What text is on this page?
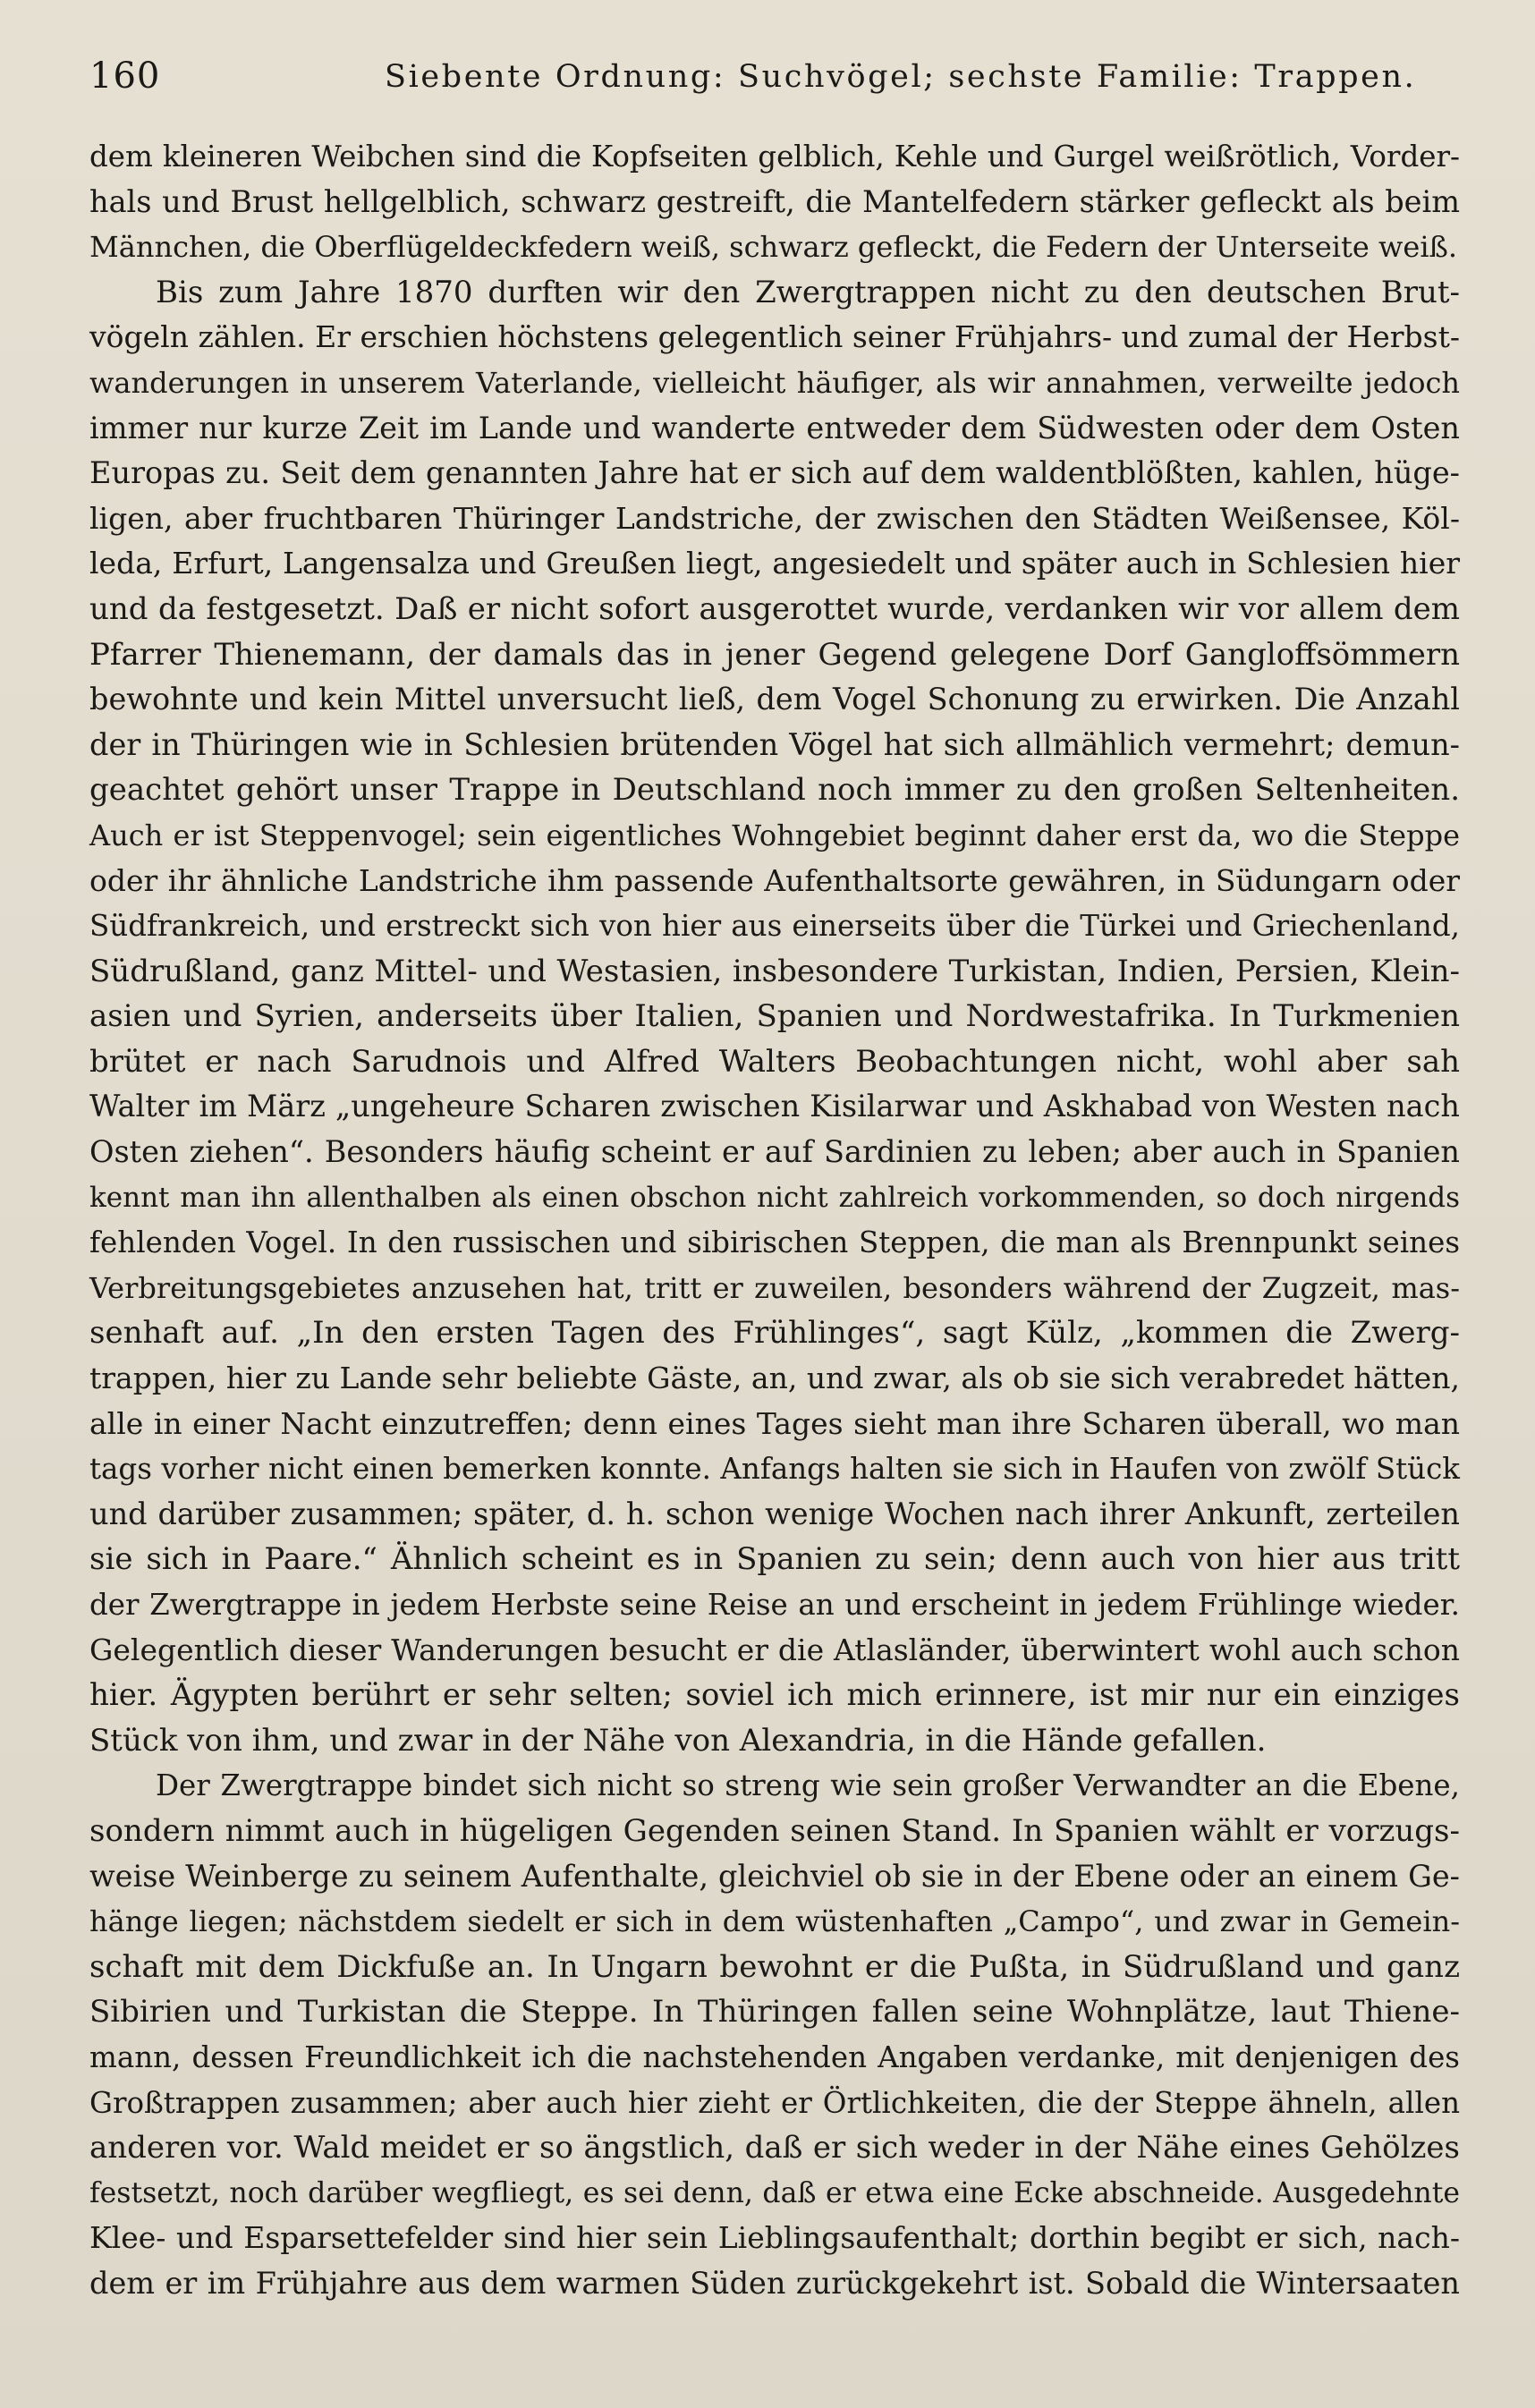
160	Siebente Ordnung: Suchvögel; sechste Familie: Trappen.
dem kleineren Weibchen sind die Kopfseiten gelblich, Kehle und Gurgel weißrötlich, Vorder-
hals und Brust hellgelblich, schwarz gestreift, die Mantelfedern stärker gefleckt als beim
Männchen, die Oberflügeldeckfedern weiß, schwarz gefleckt, die Federn der Unterseite weiß.
Bis zum Jahre 1870 durften wir den Zwergtrappen nicht zu den deutschen Brut-
vögeln zählen. Er erschien höchstens gelegentlich seiner Frühjahrs- und zumal der Herbst-
wanderungen in unserem Vaterlande, vielleicht häufiger, als wir annahmen, verweilte jedoch
immer nur kurze Zeit im Lande und wanderte entweder dem Südwesten oder dem Osten
Europas zu. Seit dem genannten Jahre hat er sich auf dem waldentblößten, kahlen, hüge-
ligen, aber fruchtbaren Thüringer Landstriche, der zwischen den Städten Weißensee, Köl-
leda, Erfurt, Langensalza und Greußen liegt, angesiedelt und später auch in Schlesien hier
und da festgesetzt. Daß er nicht sofort ausgerottet wurde, verdanken wir vor allem dem
Pfarrer Thienemann, der damals das in jener Gegend gelegene Dorf Gangloffsömmern
bewohnte und kein Mittel unversucht ließ, dem Vogel Schonung zu erwirken. Die Anzahl
der in Thüringen wie in Schlesien brütenden Vögel hat sich allmählich vermehrt; demun-
geachtet gehört unser Trappe in Deutschland noch immer zu den großen Seltenheiten.
Auch er ist Steppenvogel; sein eigentliches Wohngebiet beginnt daher erst da, wo die Steppe
oder ihr ähnliche Landstriche ihm passende Aufenthaltsorte gewähren, in Südungarn oder
Südfrankreich, und erstreckt sich von hier aus einerseits über die Türkei und Griechenland,
Südrußland, ganz Mittel- und Westasien, insbesondere Turkistan, Indien, Persien, Klein-
asien und Syrien, anderseits über Italien, Spanien und Nordwestafrika. In Turkmenien
brütet er nach Sarudnois und Alfred Walters Beobachtungen nicht, wohl aber sah
Walter im März „ungeheure Scharen zwischen Kisilarwar und Askhabad von Westen nach
Osten ziehen“. Besonders häufig scheint er auf Sardinien zu leben; aber auch in Spanien
kennt man ihn allenthalben als einen obschon nicht zahlreich vorkommenden, so doch nirgends
fehlenden Vogel. In den russischen und sibirischen Steppen, die man als Brennpunkt seines
Verbreitungsgebietes anzusehen hat, tritt er zuweilen, besonders während der Zugzeit, mas-
senhaft auf. „In den ersten Tagen des Frühlinges“, sagt Külz, „kommen die Zwerg-
trappen, hier zu Lande sehr beliebte Gäste, an, und zwar, als ob sie sich verabredet hätten,
alle in einer Nacht einzutreffen; denn eines Tages sieht man ihre Scharen überall, wo man
tags vorher nicht einen bemerken konnte. Anfangs halten sie sich in Haufen von zwölf Stück
und darüber zusammen; später, d. h. schon wenige Wochen nach ihrer Ankunft, zerteilen
sie sich in Paare.“ Ähnlich scheint es in Spanien zu sein; denn auch von hier aus tritt
der Zwergtrappe in jedem Herbste seine Reise an und erscheint in jedem Frühlinge wieder.
Gelegentlich dieser Wanderungen besucht er die Atlasländer, überwintert wohl auch schon
hier. Ägypten berührt er sehr selten; soviel ich mich erinnere, ist mir nur ein einziges
Stück von ihm, und zwar in der Nähe von Alexandria, in die Hände gefallen.
Der Zwergtrappe bindet sich nicht so streng wie sein großer Verwandter an die Ebene,
sondern nimmt auch in hügeligen Gegenden seinen Stand. In Spanien wählt er vorzugs-
weise Weinberge zu seinem Aufenthalte, gleichviel ob sie in der Ebene oder an einem Ge-
hänge liegen; nächstdem siedelt er sich in dem wüstenhaften „Campo“, und zwar in Gemein-
schaft mit dem Dickfuße an. In Ungarn bewohnt er die Pußta, in Südrußland und ganz
Sibirien und Turkistan die Steppe. In Thüringen fallen seine Wohnplätze, laut Thiene-
mann, dessen Freundlichkeit ich die nachstehenden Angaben verdanke, mit denjenigen des
Großtrappen zusammen; aber auch hier zieht er Örtlichkeiten, die der Steppe ähneln, allen
anderen vor. Wald meidet er so ängstlich, daß er sich weder in der Nähe eines Gehölzes
festsetzt, noch darüber wegfliegt, es sei denn, daß er etwa eine Ecke abschneide. Ausgedehnte
Klee- und Esparsettefelder sind hier sein Lieblingsaufenthalt; dorthin begibt er sich, nach-
dem er im Frühjahre aus dem warmen Süden zurückgekehrt ist. Sobald die Wintersaaten
